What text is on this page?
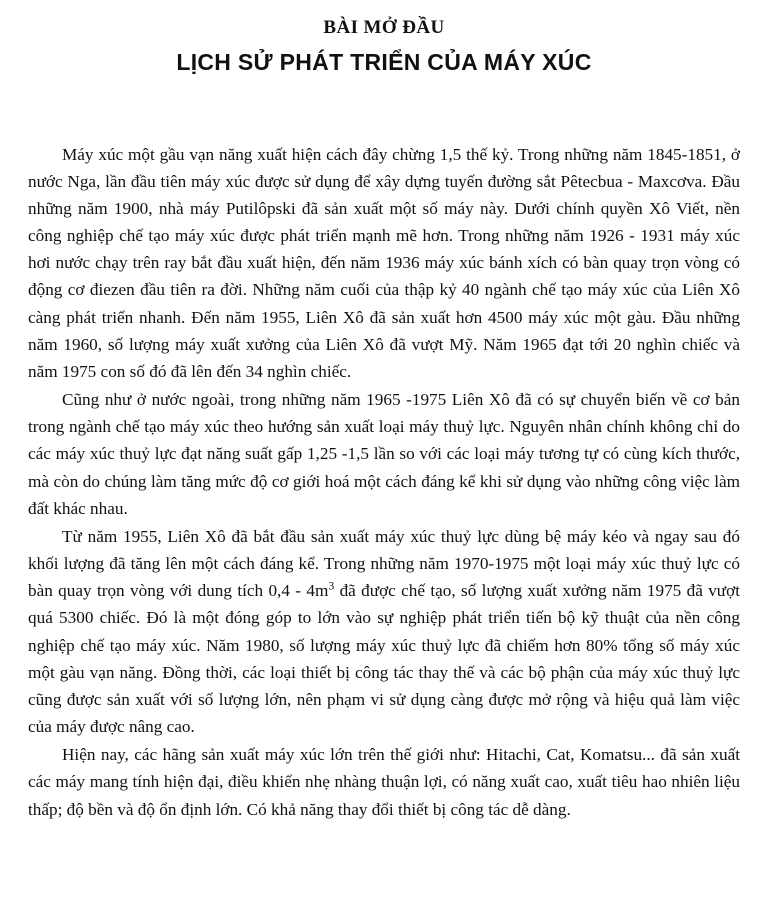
BÀI MỞ ĐẦU
LỊCH SỬ PHÁT TRIỂN CỦA MÁY XÚC

Máy xúc một gầu vạn năng xuất hiện cách đây chừng 1,5 thế kỷ. Trong những năm 1845-1851, ở nước Nga, lần đầu tiên máy xúc được sử dụng để xây dựng tuyến đường sắt Pêtecbua - Maxcơva. Đầu những năm 1900, nhà máy Putilôpski đã sản xuất một số máy này. Dưới chính quyền Xô Viết, nền công nghiệp chế tạo máy xúc được phát triển mạnh mẽ hơn. Trong những năm 1926 - 1931 máy xúc hơi nước chạy trên ray bắt đầu xuất hiện, đến năm 1936 máy xúc bánh xích có bàn quay trọn vòng có động cơ điezen đầu tiên ra đời. Những năm cuối của thập kỷ 40 ngành chế tạo máy xúc của Liên Xô càng phát triển nhanh. Đến năm 1955, Liên Xô đã sản xuất hơn 4500 máy xúc một gàu. Đầu những năm 1960, số lượng máy xuất xưởng của Liên Xô đã vượt Mỹ. Năm 1965 đạt tới 20 nghìn chiếc và năm 1975 con số đó đã lên đến 34 nghìn chiếc.

Cũng như ở nước ngoài, trong những năm 1965 -1975 Liên Xô đã có sự chuyển biến về cơ bản trong ngành chế tạo máy xúc theo hướng sản xuất loại máy thuỷ lực. Nguyên nhân chính không chỉ do các máy xúc thuỷ lực đạt năng suất gấp 1,25 -1,5 lần so với các loại máy tương tự có cùng kích thước, mà còn do chúng làm tăng mức độ cơ giới hoá một cách đáng kể khi sử dụng vào những công việc làm đất khác nhau.

Từ năm 1955, Liên Xô đã bắt đầu sản xuất máy xúc thuỷ lực dùng bệ máy kéo và ngay sau đó khối lượng đã tăng lên một cách đáng kể. Trong những năm 1970-1975 một loại máy xúc thuỷ lực có bàn quay trọn vòng với dung tích $0,4 - 4m^3$ đã được chế tạo, số lượng xuất xưởng năm 1975 đã vượt quá 5300 chiếc. Đó là một đóng góp to lớn vào sự nghiệp phát triển tiến bộ kỹ thuật của nền công nghiệp chế tạo máy xúc. Năm 1980, số lượng máy xúc thuỷ lực đã chiếm hơn 80% tổng số máy xúc một gàu vạn năng. Đồng thời, các loại thiết bị công tác thay thế và các bộ phận của máy xúc thuỷ lực cũng được sản xuất với số lượng lớn, nên phạm vi sử dụng càng được mở rộng và hiệu quả làm việc của máy được nâng cao.

Hiện nay, các hãng sản xuất máy xúc lớn trên thế giới như: Hitachi, Cat, Komatsu... đã sản xuất các máy mang tính hiện đại, điều khiển nhẹ nhàng thuận lợi, có năng xuất cao, xuất tiêu hao nhiên liệu thấp; độ bền và độ ổn định lớn. Có khả năng thay đổi thiết bị công tác dễ dàng.
